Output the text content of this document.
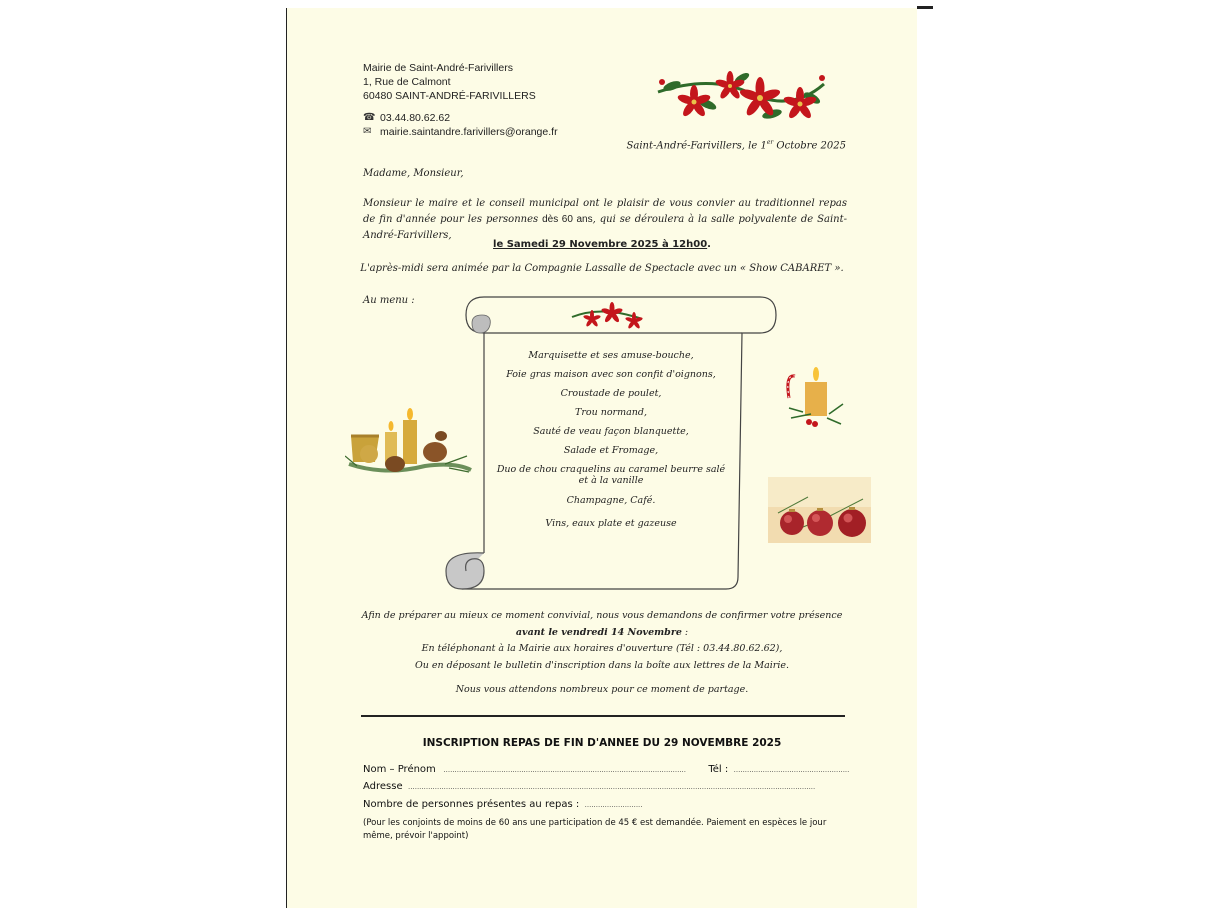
Mairie de Saint-André-Farivillers
1, Rue de Calmont
60480 SAINT-ANDRÉ-FARIVILLERS
☎ 03.44.80.62.62
✉ mairie.saintandre.farivillers@orange.fr
Saint-André-Farivillers, le 1er Octobre 2025
Madame, Monsieur,
Monsieur le maire et le conseil municipal ont le plaisir de vous convier au traditionnel repas de fin d'année pour les personnes dès 60 ans, qui se déroulera à la salle polyvalente de Saint-André-Farivillers,
le Samedi 29 Novembre 2025 à 12h00.
L'après-midi sera animée par la Compagnie Lassalle de Spectacle avec un « Show CABARET ».
Au menu :
Marquisette et ses amuse-bouche,
Foie gras maison avec son confit d'oignons,
Croustade de poulet,
Trou normand,
Sauté de veau façon blanquette,
Salade et Fromage,
Duo de chou craquelins au caramel beurre salé
et à la vanille
Champagne, Café.
Vins, eaux plate et gazeuse
Afin de préparer au mieux ce moment convivial, nous vous demandons de confirmer votre présence
avant le vendredi 14 Novembre :
En téléphonant à la Mairie aux horaires d'ouverture (Tél : 03.44.80.62.62),
Ou en déposant le bulletin d'inscription dans la boîte aux lettres de la Mairie.
Nous vous attendons nombreux pour ce moment de partage.
INSCRIPTION REPAS DE FIN D'ANNEE DU 29 NOVEMBRE 2025
Nom – Prénom   ............................................................................................................. Tél :  ....................................................
Adresse  .......................................................................................................................................................................................
Nombre de personnes présentes au repas :  ..........................
(Pour les conjoints de moins de 60 ans une participation de 45 € est demandée. Paiement en espèces le jour même, prévoir l'appoint)
